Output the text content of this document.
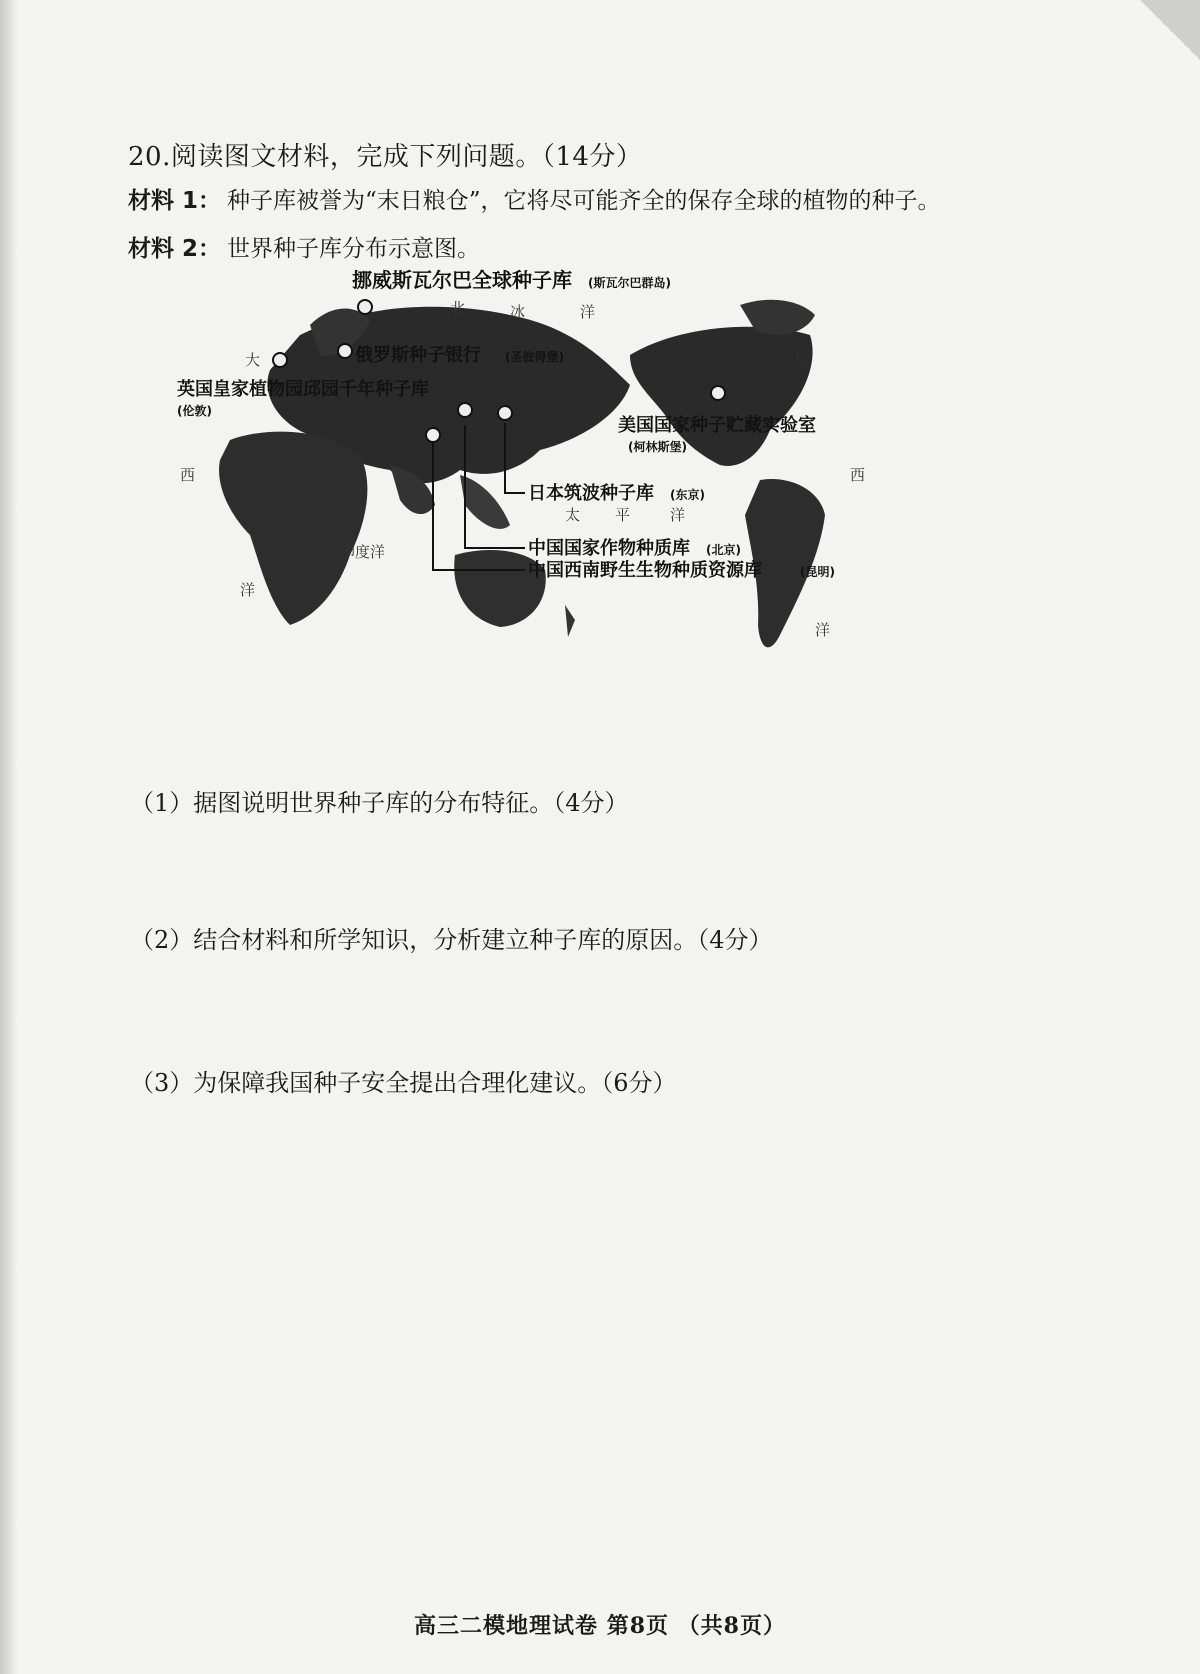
20.阅读图文材料，完成下列问题。（14分）
材料 1： 种子库被誉为“末日粮仓”，它将尽可能齐全的保存全球的植物的种子。
材料 2： 世界种子库分布示意图。
北	冰	洋
大
西
洋
大
西
洋
太 平	洋
印度洋
挪威斯瓦尔巴全球种子库 (斯瓦尔巴群岛)
俄罗斯种子银行 (圣彼得堡)
英国皇家植物园邱园千年种子库
(伦敦)
美国国家种子贮藏实验室
(柯林斯堡)
日本筑波种子库 (东京)
中国国家作物种质库 (北京)
中国西南野生生物种质资源库	(昆明)
（1）据图说明世界种子库的分布特征。（4分）
（2）结合材料和所学知识，分析建立种子库的原因。（4分）
（3）为保障我国种子安全提出合理化建议。（6分）
高三二模地理试卷 第8页 （共8页）
